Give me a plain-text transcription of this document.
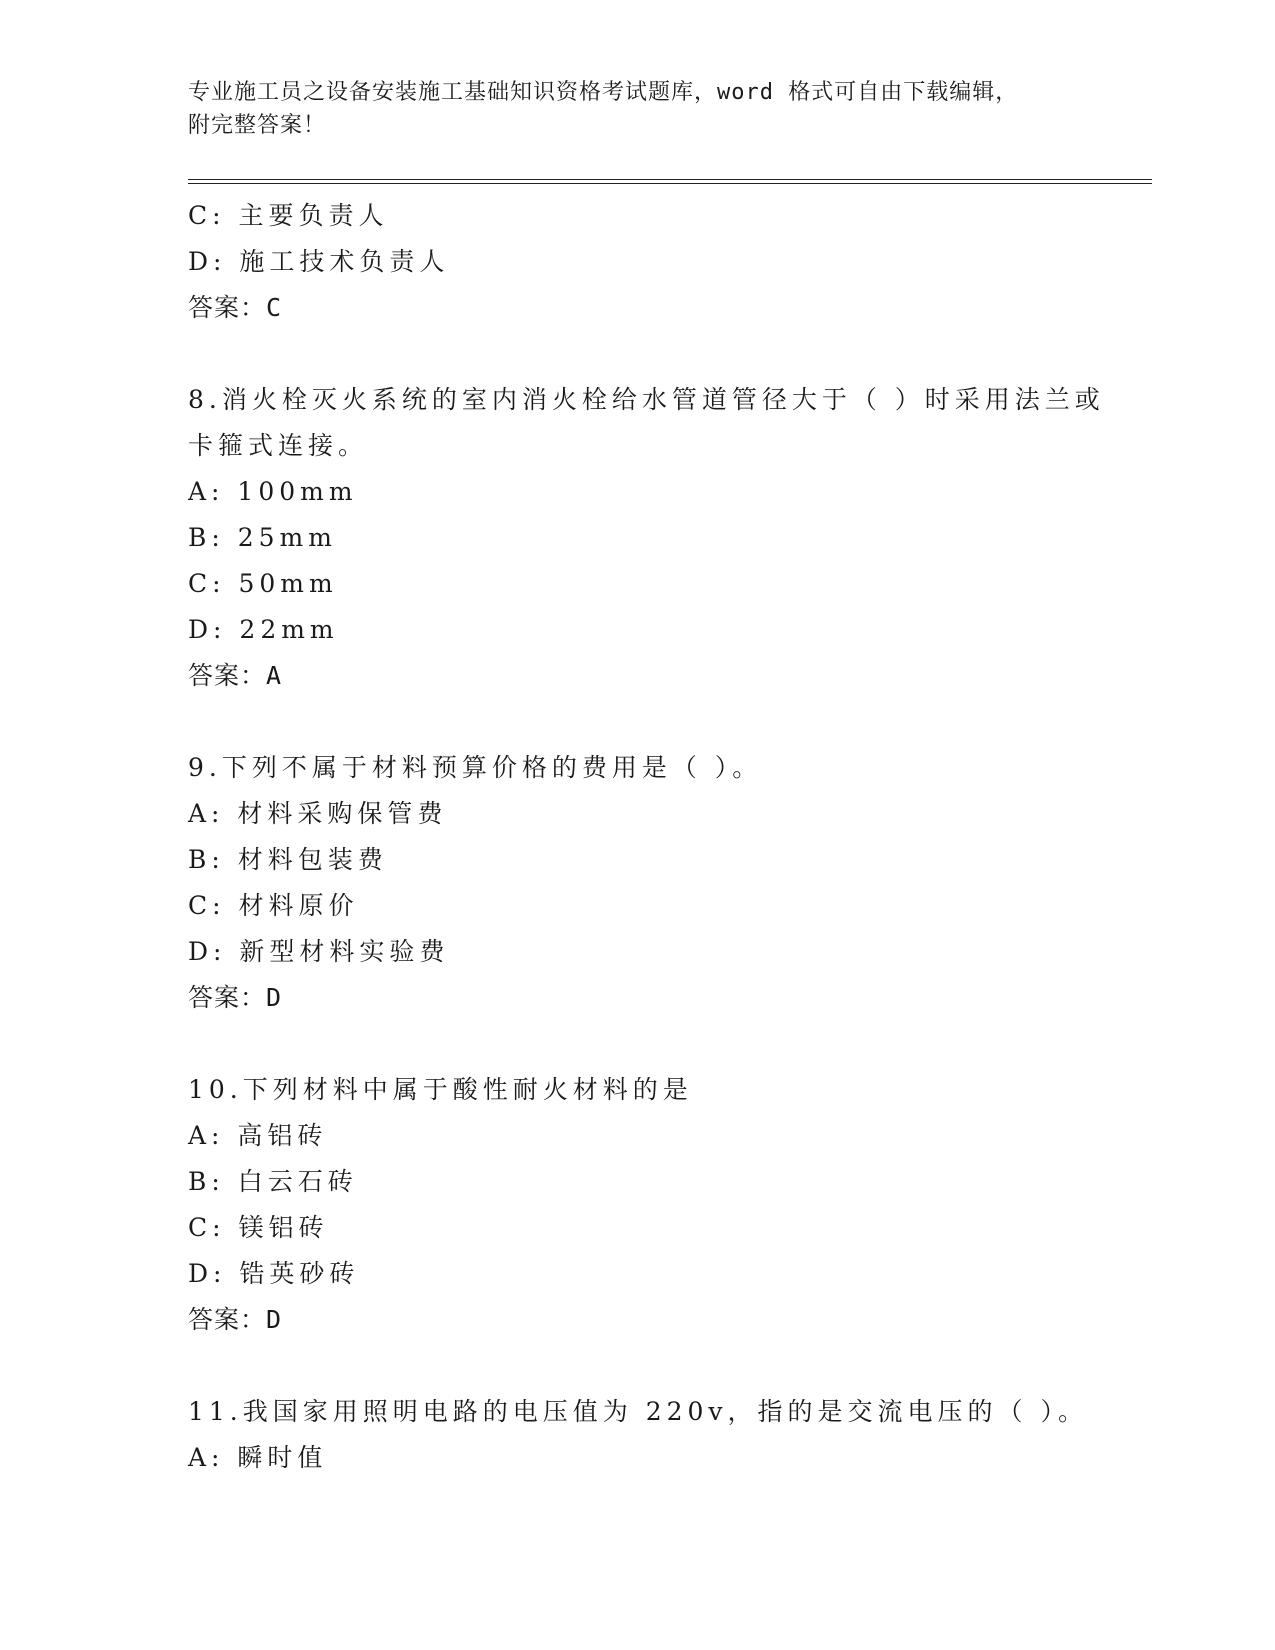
专业施工员之设备安装施工基础知识资格考试题库，word 格式可自由下载编辑，
附完整答案！
C: 主要负责人
D: 施工技术负责人
答案：C
8.消火栓灭火系统的室内消火栓给水管道管径大于（ ）时采用法兰或
卡箍式连接。
A: 100mm
B: 25mm
C: 50mm
D: 22mm
答案：A
9.下列不属于材料预算价格的费用是（ ）。
A: 材料采购保管费
B: 材料包装费
C: 材料原价
D: 新型材料实验费
答案：D
10.下列材料中属于酸性耐火材料的是
A: 高铝砖
B: 白云石砖
C: 镁铝砖
D: 锆英砂砖
答案：D
11.我国家用照明电路的电压值为 220v，指的是交流电压的（ ）。
A: 瞬时值
